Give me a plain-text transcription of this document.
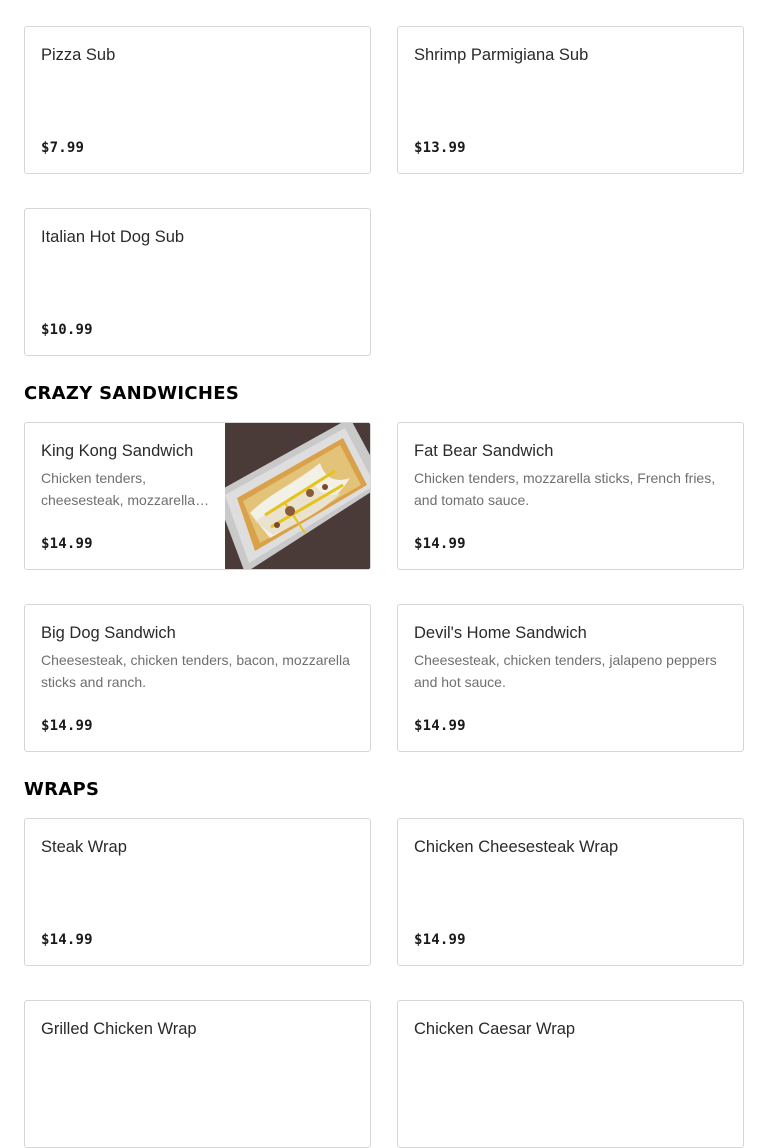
Pizza Sub
$7.99
Shrimp Parmigiana Sub
$13.99
Italian Hot Dog Sub
$10.99
CRAZY SANDWICHES
King Kong Sandwich
Chicken tenders, cheesesteak, mozzarella…
$14.99
Fat Bear Sandwich
Chicken tenders, mozzarella sticks, French fries, and tomato sauce.
$14.99
Big Dog Sandwich
Cheesesteak, chicken tenders, bacon, mozzarella sticks and ranch.
$14.99
Devil's Home Sandwich
Cheesesteak, chicken tenders, jalapeno peppers and hot sauce.
$14.99
WRAPS
Steak Wrap
$14.99
Chicken Cheesesteak Wrap
$14.99
Grilled Chicken Wrap	Chicken Caesar Wrap
